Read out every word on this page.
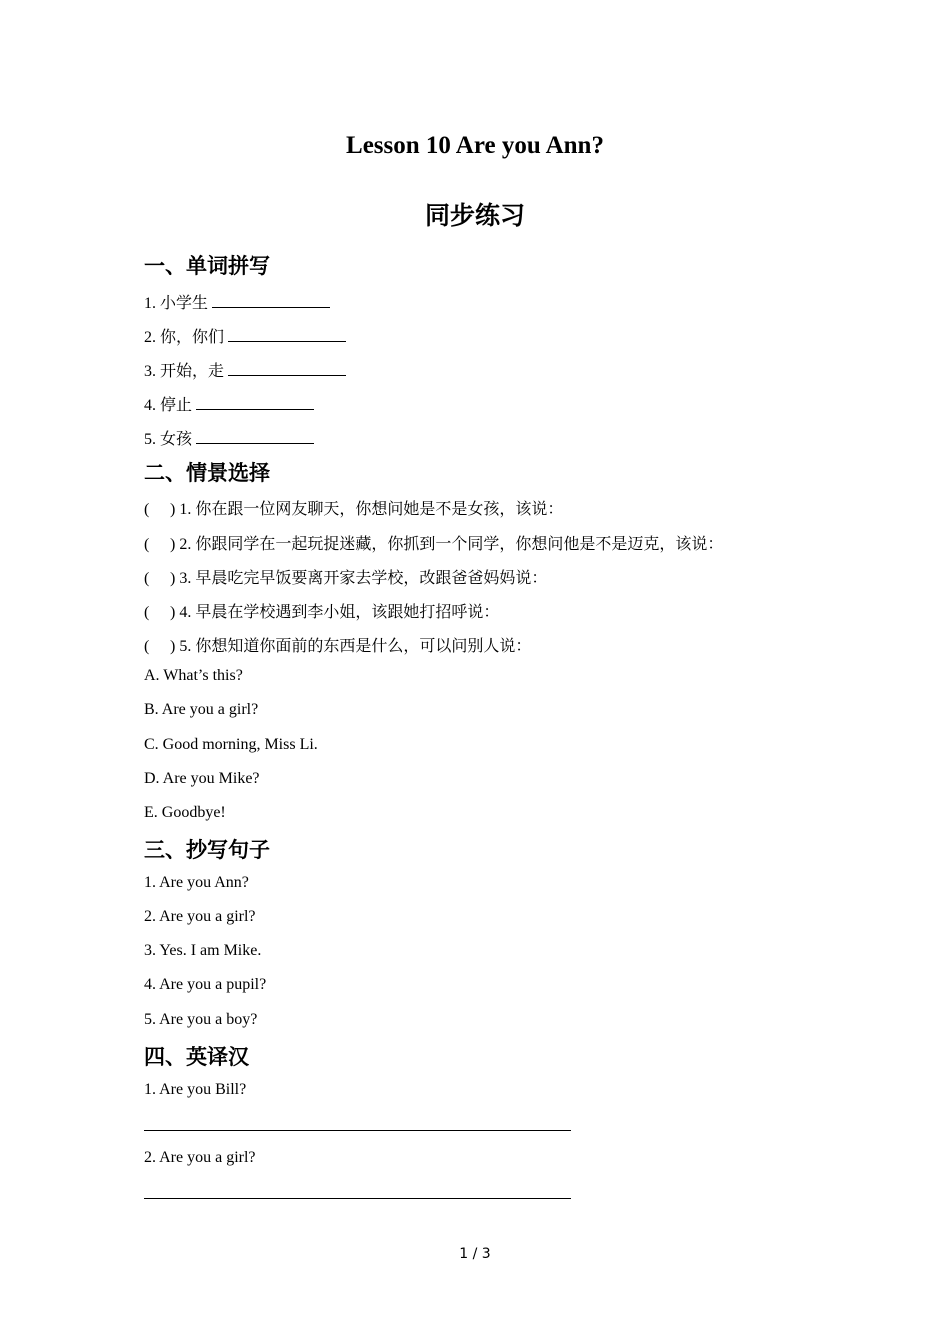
Lesson 10 Are you Ann?
同步练习
一、单词拼写

1. 小学生

2. 你，你们

3. 开始，走

4. 停止

5. 女孩

二、情景选择

( ) 1. 你在跟一位网友聊天，你想问她是不是女孩，该说：

( ) 2. 你跟同学在一起玩捉迷藏，你抓到一个同学，你想问他是不是迈克，该说：

( ) 3. 早晨吃完早饭要离开家去学校，改跟爸爸妈妈说：

( ) 4. 早晨在学校遇到李小姐，该跟她打招呼说：

( ) 5. 你想知道你面前的东西是什么，可以问别人说：

A. What’s this?

B. Are you a girl?

C. Good morning, Miss Li.

D. Are you Mike?

E. Goodbye!

三、抄写句子

1. Are you Ann?

2. Are you a girl?

3. Yes. I am Mike.

4. Are you a pupil?

5. Are you a boy?

四、英译汉

1. Are you Bill?

2. Are you a girl?

1 / 3
